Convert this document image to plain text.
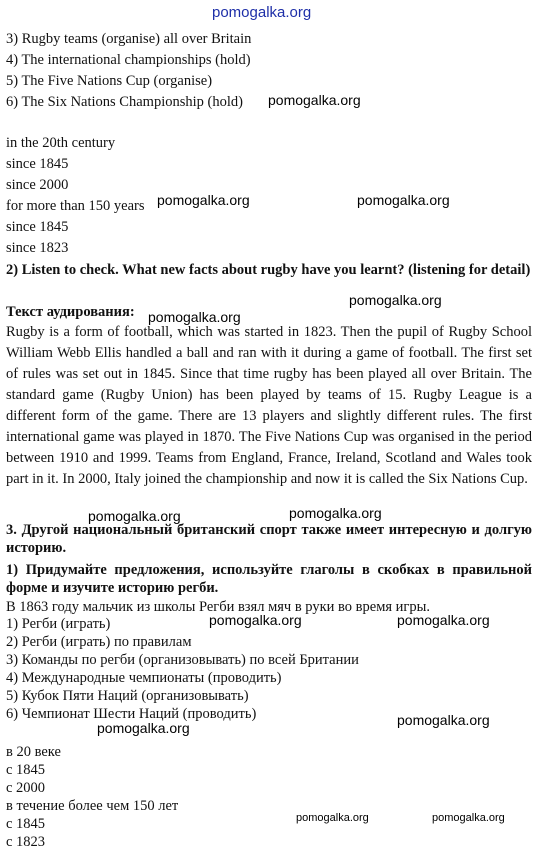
3) Rugby teams (organise) all over Britain
4) The international championships (hold)
5) The Five Nations Cup (organise)
6) The Six Nations Championship (hold)
in the 20th century
since 1845
since 2000
for more than 150 years
since 1845
since 1823
2) Listen to check. What new facts about rugby have you learnt? (listening for detail)
Текст аудирования:
Rugby is a form of football, which was started in 1823. Then the pupil of Rugby School William Webb Ellis handled a ball and ran with it during a game of football. The first set of rules was set out in 1845. Since that time rugby has been played all over Britain. The standard game (Rugby Union) has been played by teams of 15. Rugby League is a different form of the game. There are 13 players and slightly different rules. The first international game was played in 1870. The Five Nations Cup was organised in the period between 1910 and 1999. Teams from England, France, Ireland, Scotland and Wales took part in it. In 2000, Italy joined the championship and now it is called the Six Nations Cup.
3. Другой национальный британский спорт также имеет интересную и долгую историю.
1) Придумайте предложения, используйте глаголы в скобках в правильной форме и изучите историю регби.
В 1863 году мальчик из школы Регби взял мяч в руки во время игры.
1) Регби (играть)
2) Регби (играть) по правилам
3) Команды по регби (организовывать) по всей Британии
4) Международные чемпионаты (проводить)
5) Кубок Пяти Наций (организовывать)
6) Чемпионат Шести Наций (проводить)
в 20 веке
с 1845
с 2000
в течение более чем 150 лет
с 1845
с 1823
pomogalka.org
pomogalka.org
pomogalka.org	pomogalka.org
pomogalka.org
pomogalka.org
pomogalka.org
pomogalka.org
pomogalka.org	pomogalka.org
pomogalka.org
pomogalka.org
pomogalka.org	pomogalka.org
